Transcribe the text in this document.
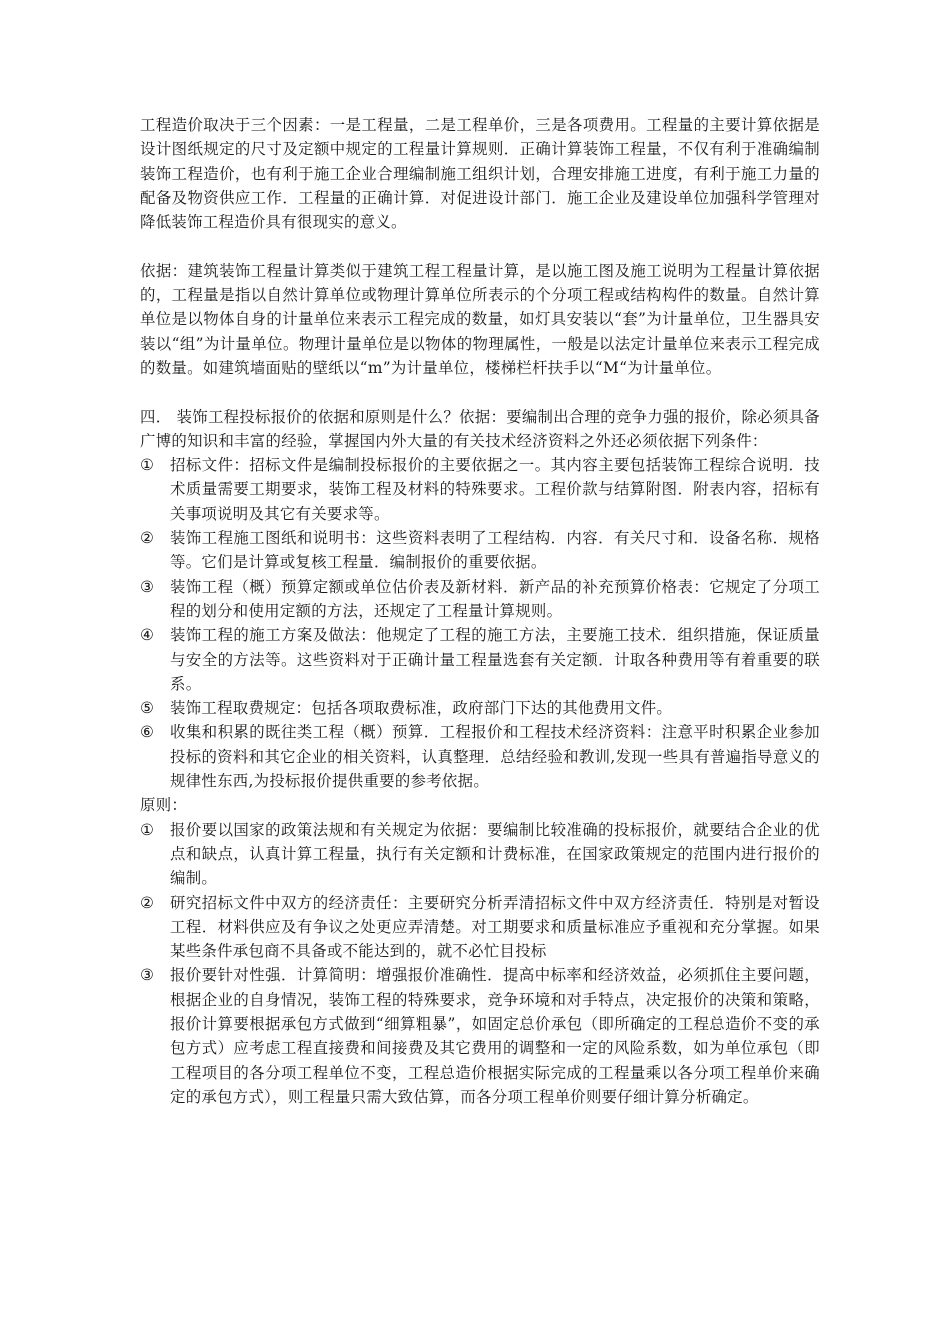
工程造价取决于三个因素：一是工程量，二是工程单价，三是各项费用。工程量的主要计算依据是设计图纸规定的尺寸及定额中规定的工程量计算规则．正确计算装饰工程量，不仅有利于准确编制装饰工程造价，也有利于施工企业合理编制施工组织计划，合理安排施工进度，有利于施工力量的配备及物资供应工作．工程量的正确计算．对促进设计部门．施工企业及建设单位加强科学管理对降低装饰工程造价具有很现实的意义。

依据：建筑装饰工程量计算类似于建筑工程工程量计算，是以施工图及施工说明为工程量计算依据的，工程量是指以自然计算单位或物理计算单位所表示的个分项工程或结构构件的数量。自然计算单位是以物体自身的计量单位来表示工程完成的数量，如灯具安装以“套”为计量单位，卫生器具安装以“组”为计量单位。物理计量单位是以物体的物理属性，一般是以法定计量单位来表示工程完成的数量。如建筑墙面贴的壁纸以“m”为计量单位，楼梯栏杆扶手以“M“为计量单位。

四． 装饰工程投标报价的依据和原则是什么？依据：要编制出合理的竞争力强的报价，除必须具备广博的知识和丰富的经验，掌握国内外大量的有关技术经济资料之外还必须依据下列条件：

①	招标文件：招标文件是编制投标报价的主要依据之一。其内容主要包括装饰工程综合说明．技术质量需要工期要求，装饰工程及材料的特殊要求。工程价款与结算附图．附表内容，招标有关事项说明及其它有关要求等。
②	装饰工程施工图纸和说明书：这些资料表明了工程结构．内容．有关尺寸和．设备名称．规格等。它们是计算或复核工程量．编制报价的重要依据。
③	装饰工程（概）预算定额或单位估价表及新材料．新产品的补充预算价格表：它规定了分项工程的划分和使用定额的方法，还规定了工程量计算规则。
④	装饰工程的施工方案及做法：他规定了工程的施工方法，主要施工技术．组织措施，保证质量与安全的方法等。这些资料对于正确计量工程量选套有关定额．计取各种费用等有着重要的联系。
⑤	装饰工程取费规定：包括各项取费标准，政府部门下达的其他费用文件。
⑥	收集和积累的既往类工程（概）预算．工程报价和工程技术经济资料：注意平时积累企业参加投标的资料和其它企业的相关资料，认真整理．总结经验和教训,发现一些具有普遍指导意义的规律性东西,为投标报价提供重要的参考依据。

原则：

①	报价要以国家的政策法规和有关规定为依据：要编制比较准确的投标报价，就要结合企业的优点和缺点，认真计算工程量，执行有关定额和计费标准，在国家政策规定的范围内进行报价的编制。
②	研究招标文件中双方的经济责任：主要研究分析弄清招标文件中双方经济责任．特别是对暂设工程．材料供应及有争议之处更应弄清楚。对工期要求和质量标准应予重视和充分掌握。如果某些条件承包商不具备或不能达到的，就不必忙目投标
③	报价要针对性强．计算简明：增强报价准确性．提高中标率和经济效益，必须抓住主要问题，根据企业的自身情况，装饰工程的特殊要求，竞争环境和对手特点，决定报价的决策和策略，报价计算要根据承包方式做到“细算粗暴”，如固定总价承包（即所确定的工程总造价不变的承包方式）应考虑工程直接费和间接费及其它费用的调整和一定的风险系数，如为单位承包（即工程项目的各分项工程单位不变，工程总造价根据实际完成的工程量乘以各分项工程单价来确定的承包方式），则工程量只需大致估算，而各分项工程单价则要仔细计算分析确定。
